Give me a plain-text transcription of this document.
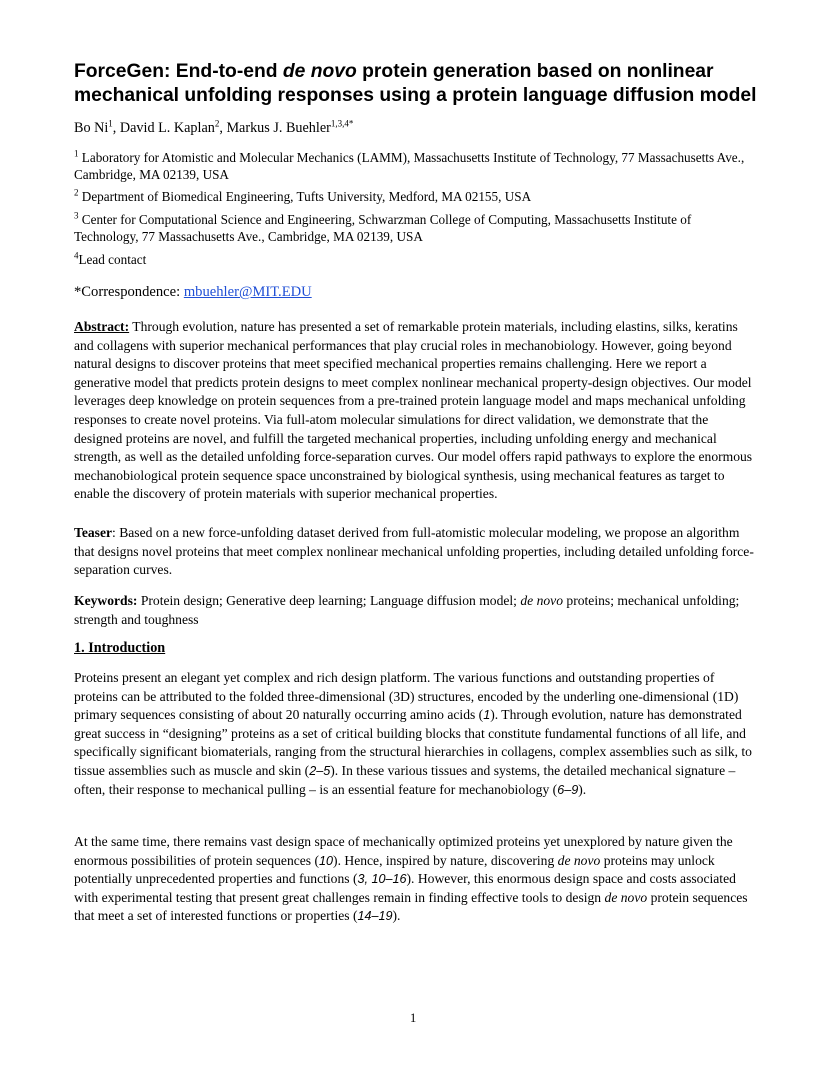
ForceGen: End-to-end de novo protein generation based on nonlinear mechanical unfolding responses using a protein language diffusion model
Bo Ni$^1$, David L. Kaplan$^2$, Markus J. Buehler$^{1,3,4*}$
$^1$ Laboratory for Atomistic and Molecular Mechanics (LAMM), Massachusetts Institute of Technology, 77 Massachusetts Ave., Cambridge, MA 02139, USA
$^2$ Department of Biomedical Engineering, Tufts University, Medford, MA 02155, USA
$^3$ Center for Computational Science and Engineering, Schwarzman College of Computing, Massachusetts Institute of Technology, 77 Massachusetts Ave., Cambridge, MA 02139, USA
$^4$Lead contact
*Correspondence: mbuehler@MIT.EDU

Abstract: Through evolution, nature has presented a set of remarkable protein materials, including elastins, silks, keratins and collagens with superior mechanical performances that play crucial roles in mechanobiology. However, going beyond natural designs to discover proteins that meet specified mechanical properties remains challenging. Here we report a generative model that predicts protein designs to meet complex nonlinear mechanical property-design objectives. Our model leverages deep knowledge on protein sequences from a pre-trained protein language model and maps mechanical unfolding responses to create novel proteins. Via full-atom molecular simulations for direct validation, we demonstrate that the designed proteins are novel, and fulfill the targeted mechanical properties, including unfolding energy and mechanical strength, as well as the detailed unfolding force-separation curves. Our model offers rapid pathways to explore the enormous mechanobiological protein sequence space unconstrained by biological synthesis, using mechanical features as target to enable the discovery of protein materials with superior mechanical properties.

Teaser: Based on a new force-unfolding dataset derived from full-atomistic molecular modeling, we propose an algorithm that designs novel proteins that meet complex nonlinear mechanical unfolding properties, including detailed unfolding force-separation curves.

Keywords: Protein design; Generative deep learning; Language diffusion model; de novo proteins; mechanical unfolding; strength and toughness

1. Introduction

Proteins present an elegant yet complex and rich design platform. The various functions and outstanding properties of proteins can be attributed to the folded three-dimensional (3D) structures, encoded by the underling one-dimensional (1D) primary sequences consisting of about 20 naturally occurring amino acids (1). Through evolution, nature has demonstrated great success in “designing” proteins as a set of critical building blocks that constitute fundamental functions of all life, and specifically significant biomaterials, ranging from the structural hierarchies in collagens, complex assemblies such as silk, to tissue assemblies such as muscle and skin (2–5). In these various tissues and systems, the detailed mechanical signature – often, their response to mechanical pulling – is an essential feature for mechanobiology (6–9).

At the same time, there remains vast design space of mechanically optimized proteins yet unexplored by nature given the enormous possibilities of protein sequences (10). Hence, inspired by nature, discovering de novo proteins may unlock potentially unprecedented properties and functions (3, 10–16). However, this enormous design space and costs associated with experimental testing that present great challenges remain in finding effective tools to design de novo protein sequences that meet a set of interested functions or properties (14–19).

1
